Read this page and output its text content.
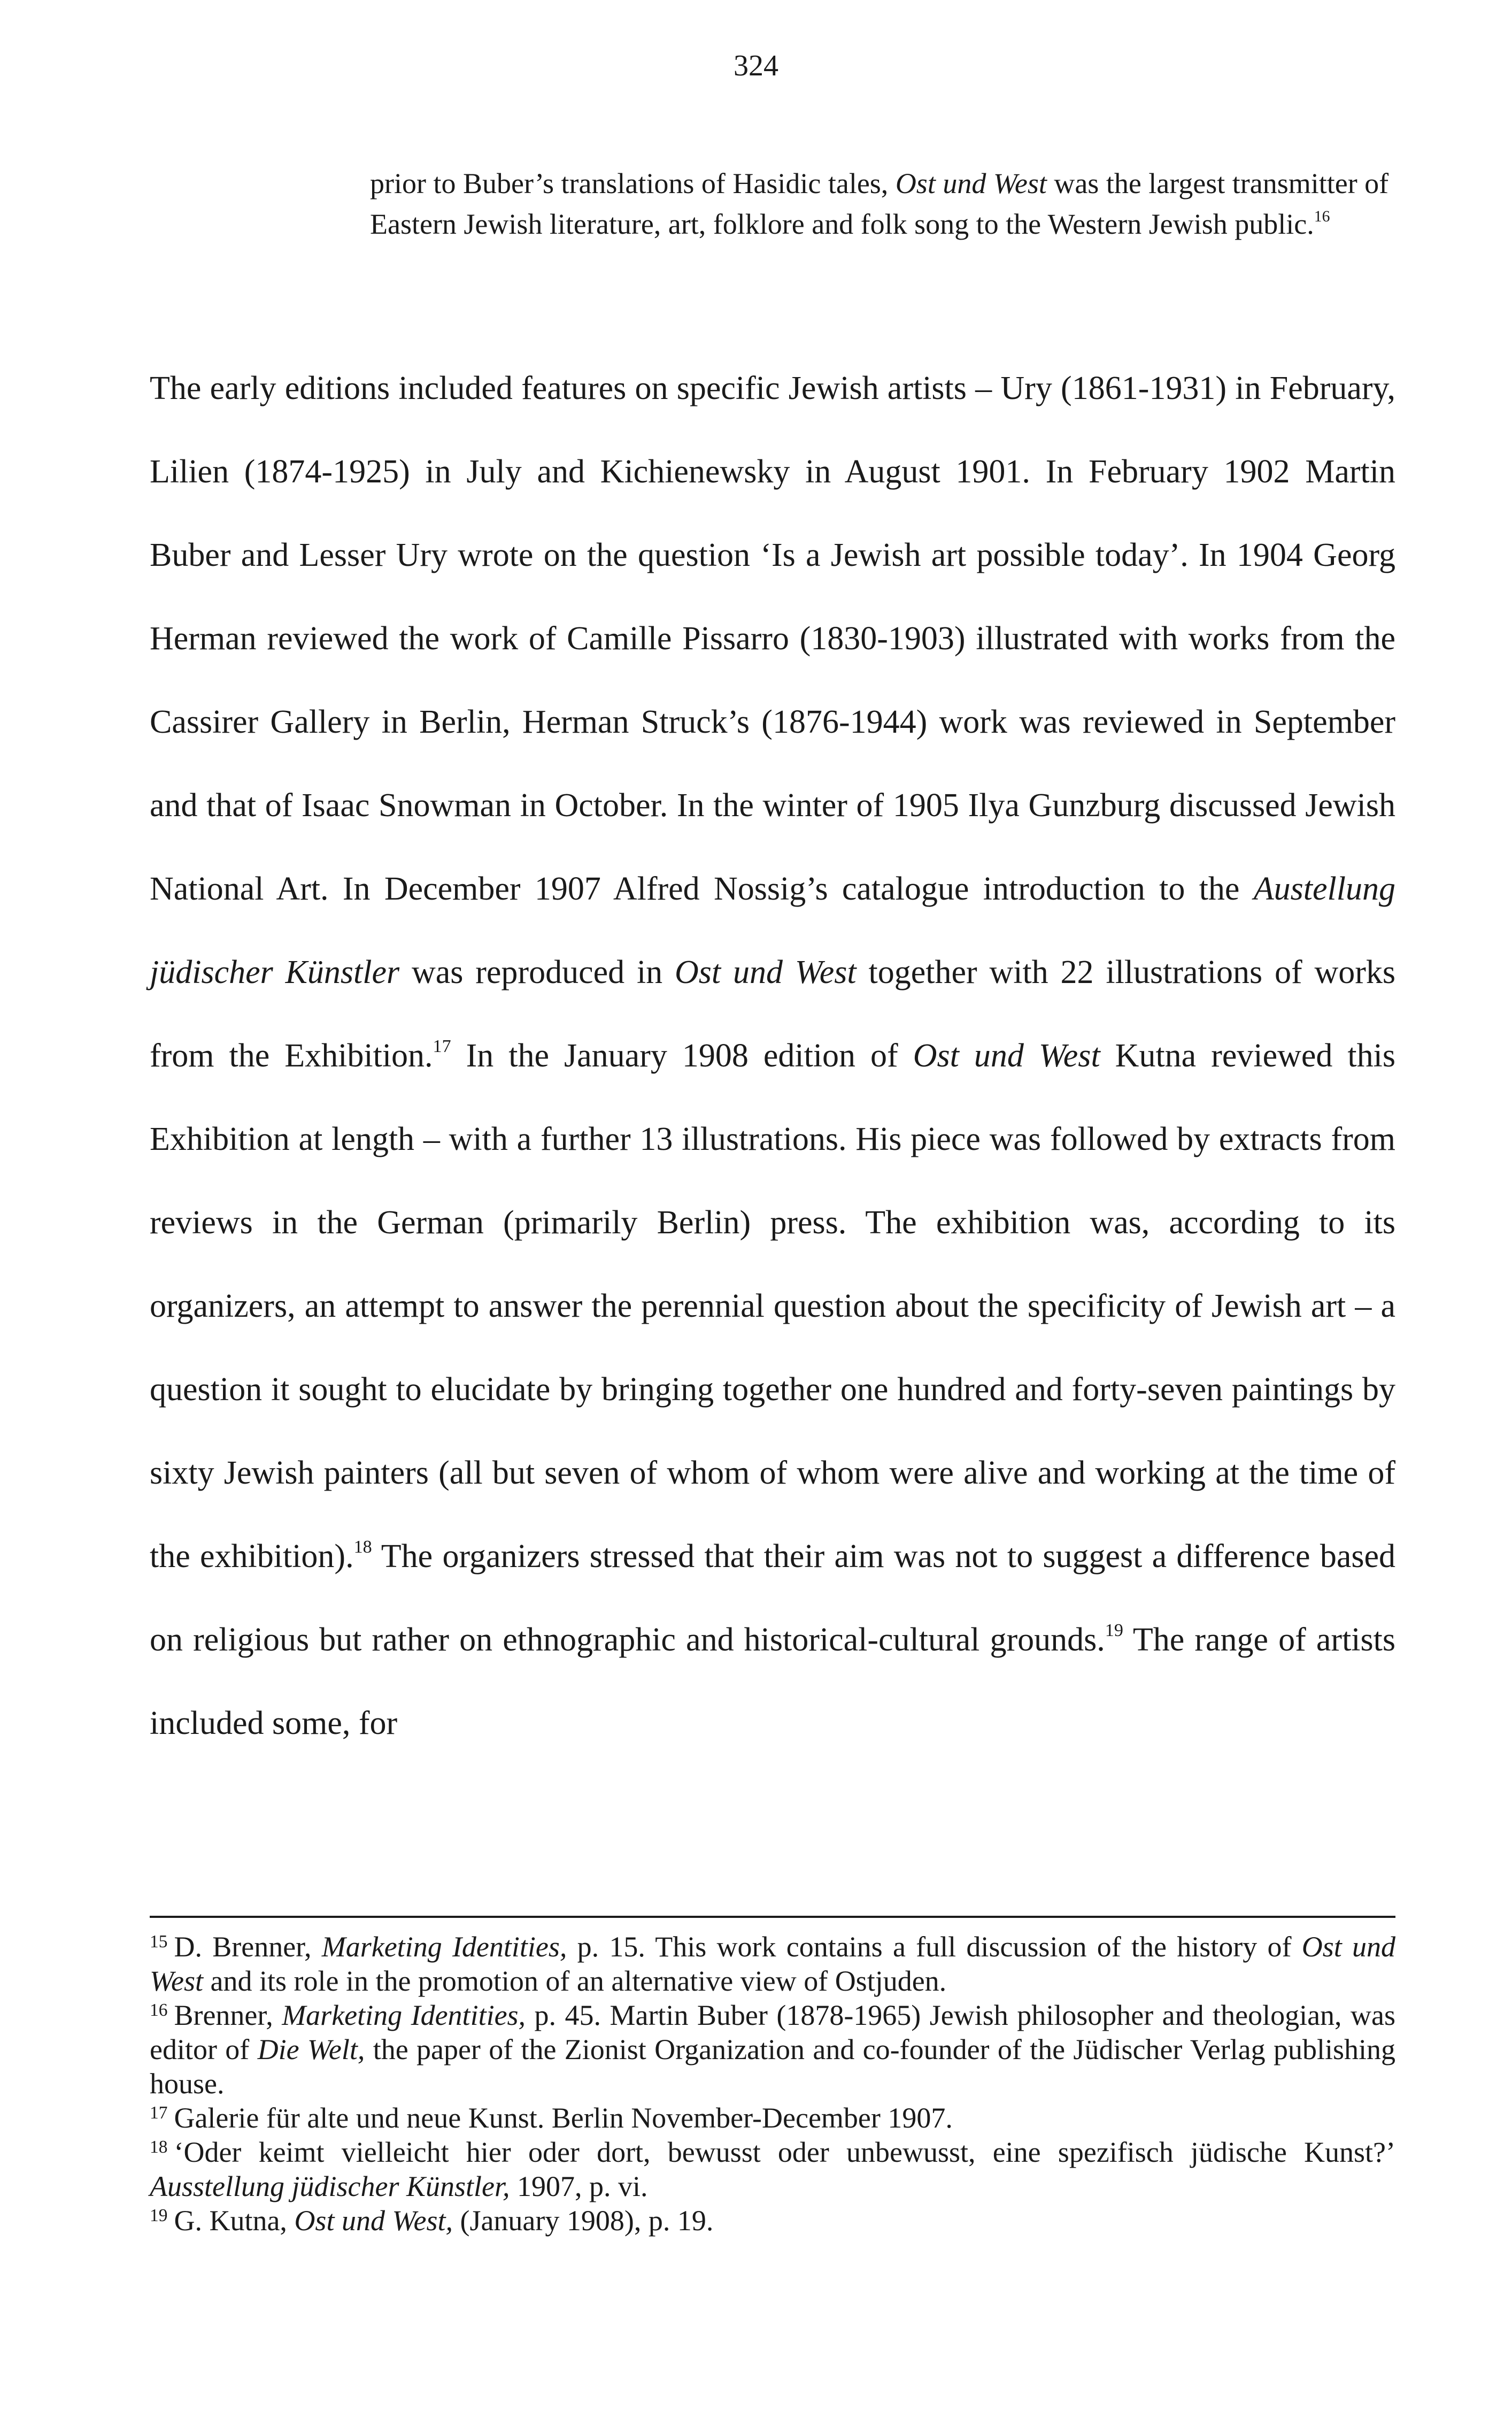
324
prior to Buber’s translations of Hasidic tales, Ost und West was the largest transmitter of Eastern Jewish literature, art, folklore and folk song to the Western Jewish public.$^{16}$

The early editions included features on specific Jewish artists – Ury (1861-1931) in February, Lilien (1874-1925) in July and Kichienewsky in August 1901. In February 1902 Martin Buber and Lesser Ury wrote on the question ‘Is a Jewish art possible today’. In 1904 Georg Herman reviewed the work of Camille Pissarro (1830-1903) illustrated with works from the Cassirer Gallery in Berlin, Herman Struck’s (1876-1944) work was reviewed in September and that of Isaac Snowman in October. In the winter of 1905 Ilya Gunzburg discussed Jewish National Art. In December 1907 Alfred Nossig’s catalogue introduction to the Austellung jüdischer Künstler was reproduced in Ost und West together with 22 illustrations of works from the Exhibition.$^{17}$ In the January 1908 edition of Ost und West Kutna reviewed this Exhibition at length – with a further 13 illustrations. His piece was followed by extracts from reviews in the German (primarily Berlin) press. The exhibition was, according to its organizers, an attempt to answer the perennial question about the specificity of Jewish art – a question it sought to elucidate by bringing together one hundred and forty-seven paintings by sixty Jewish painters (all but seven of whom of whom were alive and working at the time of the exhibition).$^{18}$ The organizers stressed that their aim was not to suggest a difference based on religious but rather on ethnographic and historical-cultural grounds.$^{19}$ The range of artists included some, for

$^{15}$ D. Brenner, Marketing Identities, p. 15. This work contains a full discussion of the history of Ost und West and its role in the promotion of an alternative view of Ostjuden.

$^{16}$ Brenner, Marketing Identities, p. 45. Martin Buber (1878-1965) Jewish philosopher and theologian, was editor of Die Welt, the paper of the Zionist Organization and co-founder of the Jüdischer Verlag publishing house.

$^{17}$ Galerie für alte und neue Kunst. Berlin November-December 1907.

$^{18}$ ‘Oder keimt vielleicht hier oder dort, bewusst oder unbewusst, eine spezifisch jüdische Kunst?’ Ausstellung jüdischer Künstler, 1907, p. vi.

$^{19}$ G. Kutna, Ost und West, (January 1908), p. 19.
